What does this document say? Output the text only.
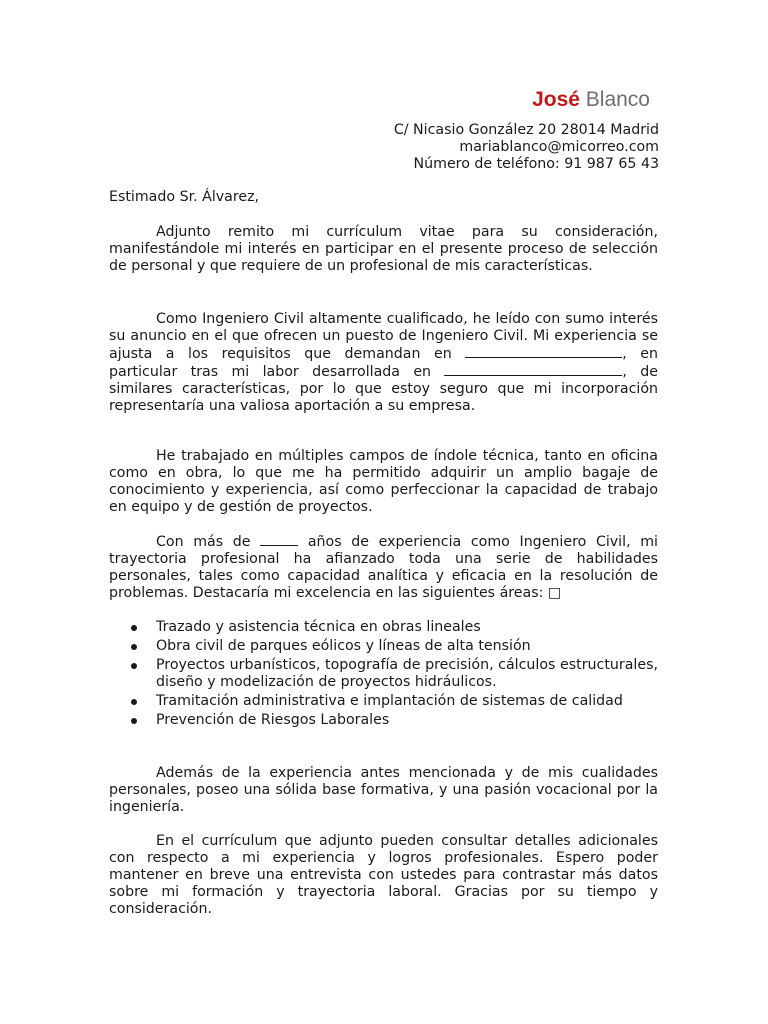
José Blanco
C/ Nicasio González 20 28014 Madrid
mariablanco@micorreo.com
Número de teléfono: 91 987 65 43
Estimado Sr. Álvarez,

Adjunto remito mi currículum vitae para su consideración, manifestándole mi interés en participar en el presente proceso de selección de personal y que requiere de un profesional de mis características.

Como Ingeniero Civil altamente cualificado, he leído con sumo interés su anuncio en el que ofrecen un puesto de Ingeniero Civil. Mi experiencia se ajusta a los requisitos que demandan en	, en particular tras mi labor desarrollada en	, de similares características, por lo que estoy seguro que mi incorporación representaría una valiosa aportación a su empresa.

He trabajado en múltiples campos de índole técnica, tanto en oficina como en obra, lo que me ha permitido adquirir un amplio bagaje de conocimiento y experiencia, así como perfeccionar la capacidad de trabajo en equipo y de gestión de proyectos.

Con más de	años de experiencia como Ingeniero Civil, mi trayectoria profesional ha afianzado toda una serie de habilidades personales, tales como capacidad analítica y eficacia en la resolución de problemas. Destacaría mi excelencia en las siguientes áreas: □

Trazado y asistencia técnica en obras lineales
Obra civil de parques eólicos y líneas de alta tensión
Proyectos urbanísticos, topografía de precisión, cálculos estructurales, diseño y modelización de proyectos hidráulicos.
Tramitación administrativa e implantación de sistemas de calidad
Prevención de Riesgos Laborales

Además de la experiencia antes mencionada y de mis cualidades personales, poseo una sólida base formativa, y una pasión vocacional por la ingeniería.

En el currículum que adjunto pueden consultar detalles adicionales con respecto a mi experiencia y logros profesionales. Espero poder mantener en breve una entrevista con ustedes para contrastar más datos sobre mi formación y trayectoria laboral. Gracias por su tiempo y consideración.
